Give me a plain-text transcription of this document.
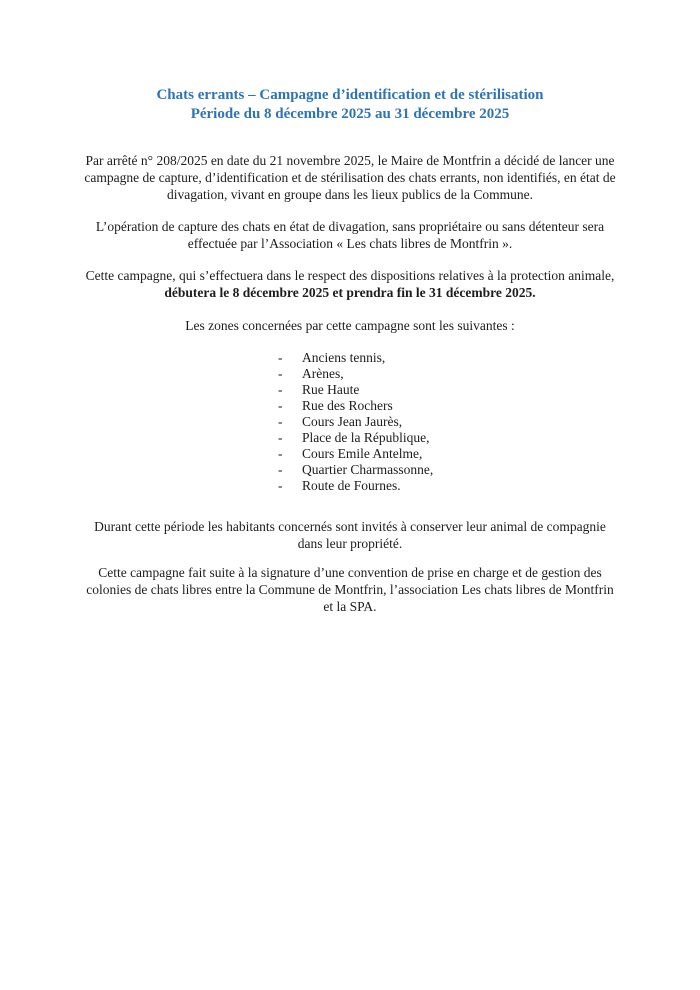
Chats errants – Campagne d’identification et de stérilisation
Période du 8 décembre 2025 au 31 décembre 2025

Par arrêté n° 208/2025 en date du 21 novembre 2025, le Maire de Montfrin a décidé de lancer une campagne de capture, d’identification et de stérilisation des chats errants, non identifiés, en état de divagation, vivant en groupe dans les lieux publics de la Commune.

L’opération de capture des chats en état de divagation, sans propriétaire ou sans détenteur sera effectuée par l’Association « Les chats libres de Montfrin ».

Cette campagne, qui s’effectuera dans le respect des dispositions relatives à la protection animale, débutera le 8 décembre 2025 et prendra fin le 31 décembre 2025.

Les zones concernées par cette campagne sont les suivantes :

- Anciens tennis,
- Arènes,
- Rue Haute
- Rue des Rochers
- Cours Jean Jaurès,
- Place de la République,
- Cours Emile Antelme,
- Quartier Charmassonne,
- Route de Fournes.

Durant cette période les habitants concernés sont invités à conserver leur animal de compagnie dans leur propriété.

Cette campagne fait suite à la signature d’une convention de prise en charge et de gestion des colonies de chats libres entre la Commune de Montfrin, l’association Les chats libres de Montfrin et la SPA.
